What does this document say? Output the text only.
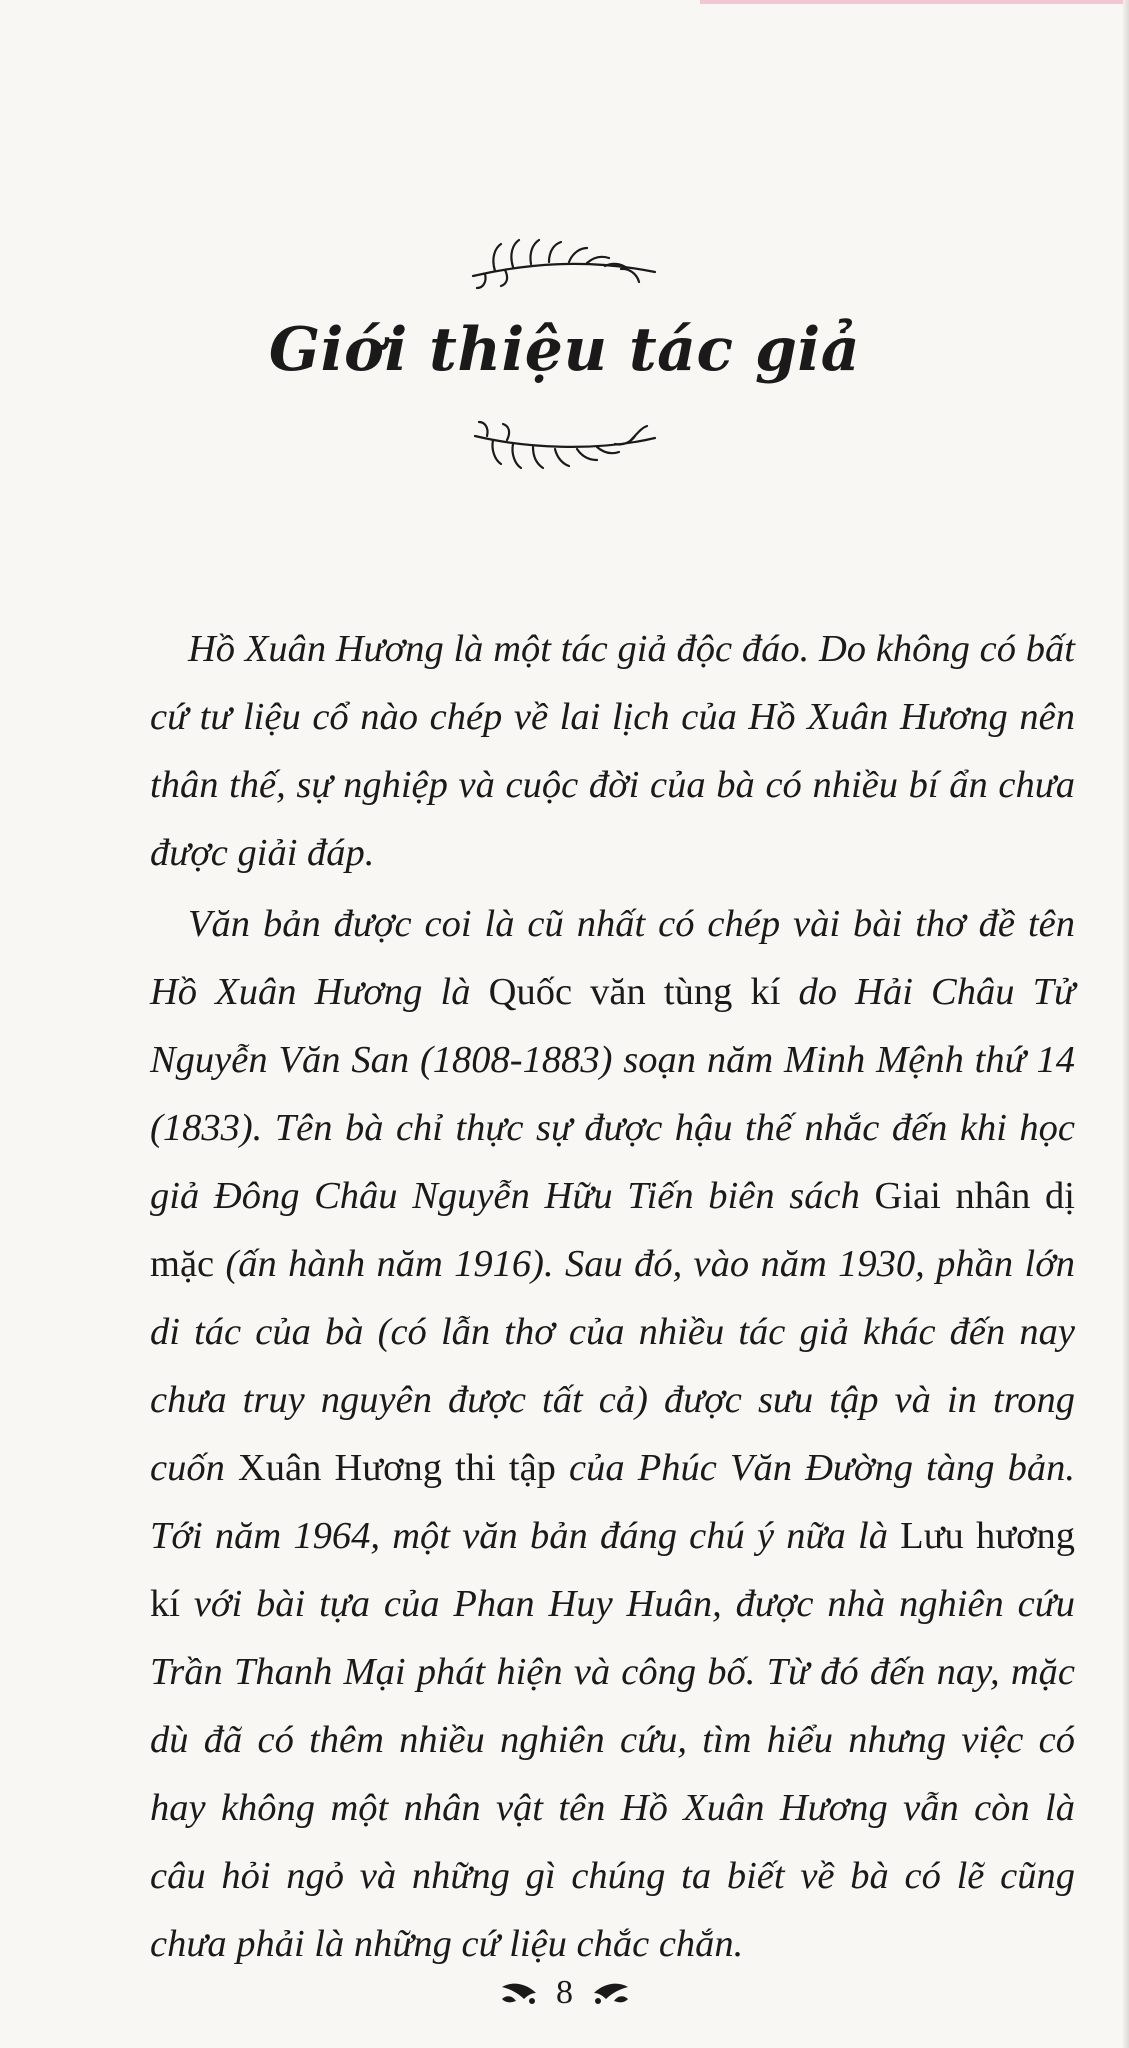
Giới thiệu tác giả

Hồ Xuân Hương là một tác giả độc đáo. Do không có bất cứ tư liệu cổ nào chép về lai lịch của Hồ Xuân Hương nên thân thế, sự nghiệp và cuộc đời của bà có nhiều bí ẩn chưa được giải đáp.

Văn bản được coi là cũ nhất có chép vài bài thơ đề tên Hồ Xuân Hương là Quốc văn tùng kí do Hải Châu Tử Nguyễn Văn San (1808-1883) soạn năm Minh Mệnh thứ 14 (1833). Tên bà chỉ thực sự được hậu thế nhắc đến khi học giả Đông Châu Nguyễn Hữu Tiến biên sách Giai nhân dị mặc (ấn hành năm 1916). Sau đó, vào năm 1930, phần lớn di tác của bà (có lẫn thơ của nhiều tác giả khác đến nay chưa truy nguyên được tất cả) được sưu tập và in trong cuốn Xuân Hương thi tập của Phúc Văn Đường tàng bản. Tới năm 1964, một văn bản đáng chú ý nữa là Lưu hương kí với bài tựa của Phan Huy Huân, được nhà nghiên cứu Trần Thanh Mại phát hiện và công bố. Từ đó đến nay, mặc dù đã có thêm nhiều nghiên cứu, tìm hiểu nhưng việc có hay không một nhân vật tên Hồ Xuân Hương vẫn còn là câu hỏi ngỏ và những gì chúng ta biết về bà có lẽ cũng chưa phải là những cứ liệu chắc chắn.

8
